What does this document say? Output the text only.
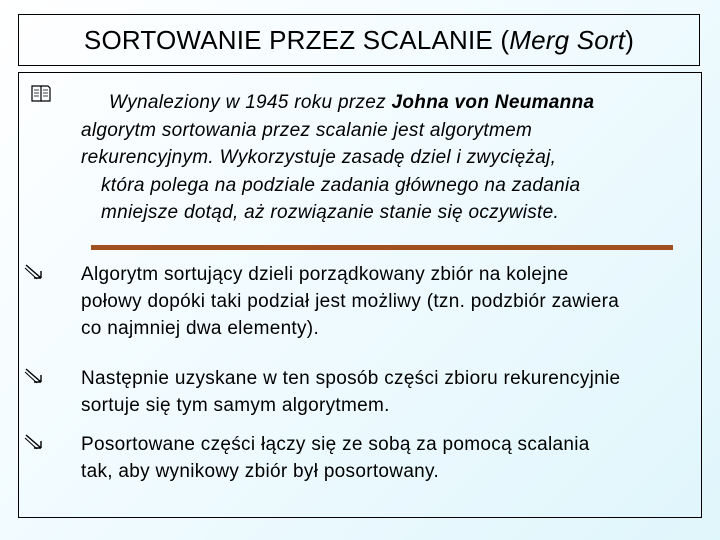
SORTOWANIE PRZEZ SCALANIE ( Merg Sort )
Wynaleziony w 1945 roku przez Johna von Neumanna
algorytm sortowania przez scalanie jest algorytmem
rekurencyjnym. Wykorzystuje zasadę dziel i zwyciężaj,
która polega na podziale zadania głównego na zadania
mniejsze dotąd, aż rozwiązanie stanie się oczywiste.
Algorytm sortujący dzieli porządkowany zbiór na kolejne
połowy dopóki taki podział jest możliwy (tzn. podzbiór zawiera
co najmniej dwa elementy).
Następnie uzyskane w ten sposób części zbioru rekurencyjnie
sortuje się tym samym algorytmem.
Posortowane części łączy się ze sobą za pomocą scalania
tak, aby wynikowy zbiór był posortowany.
